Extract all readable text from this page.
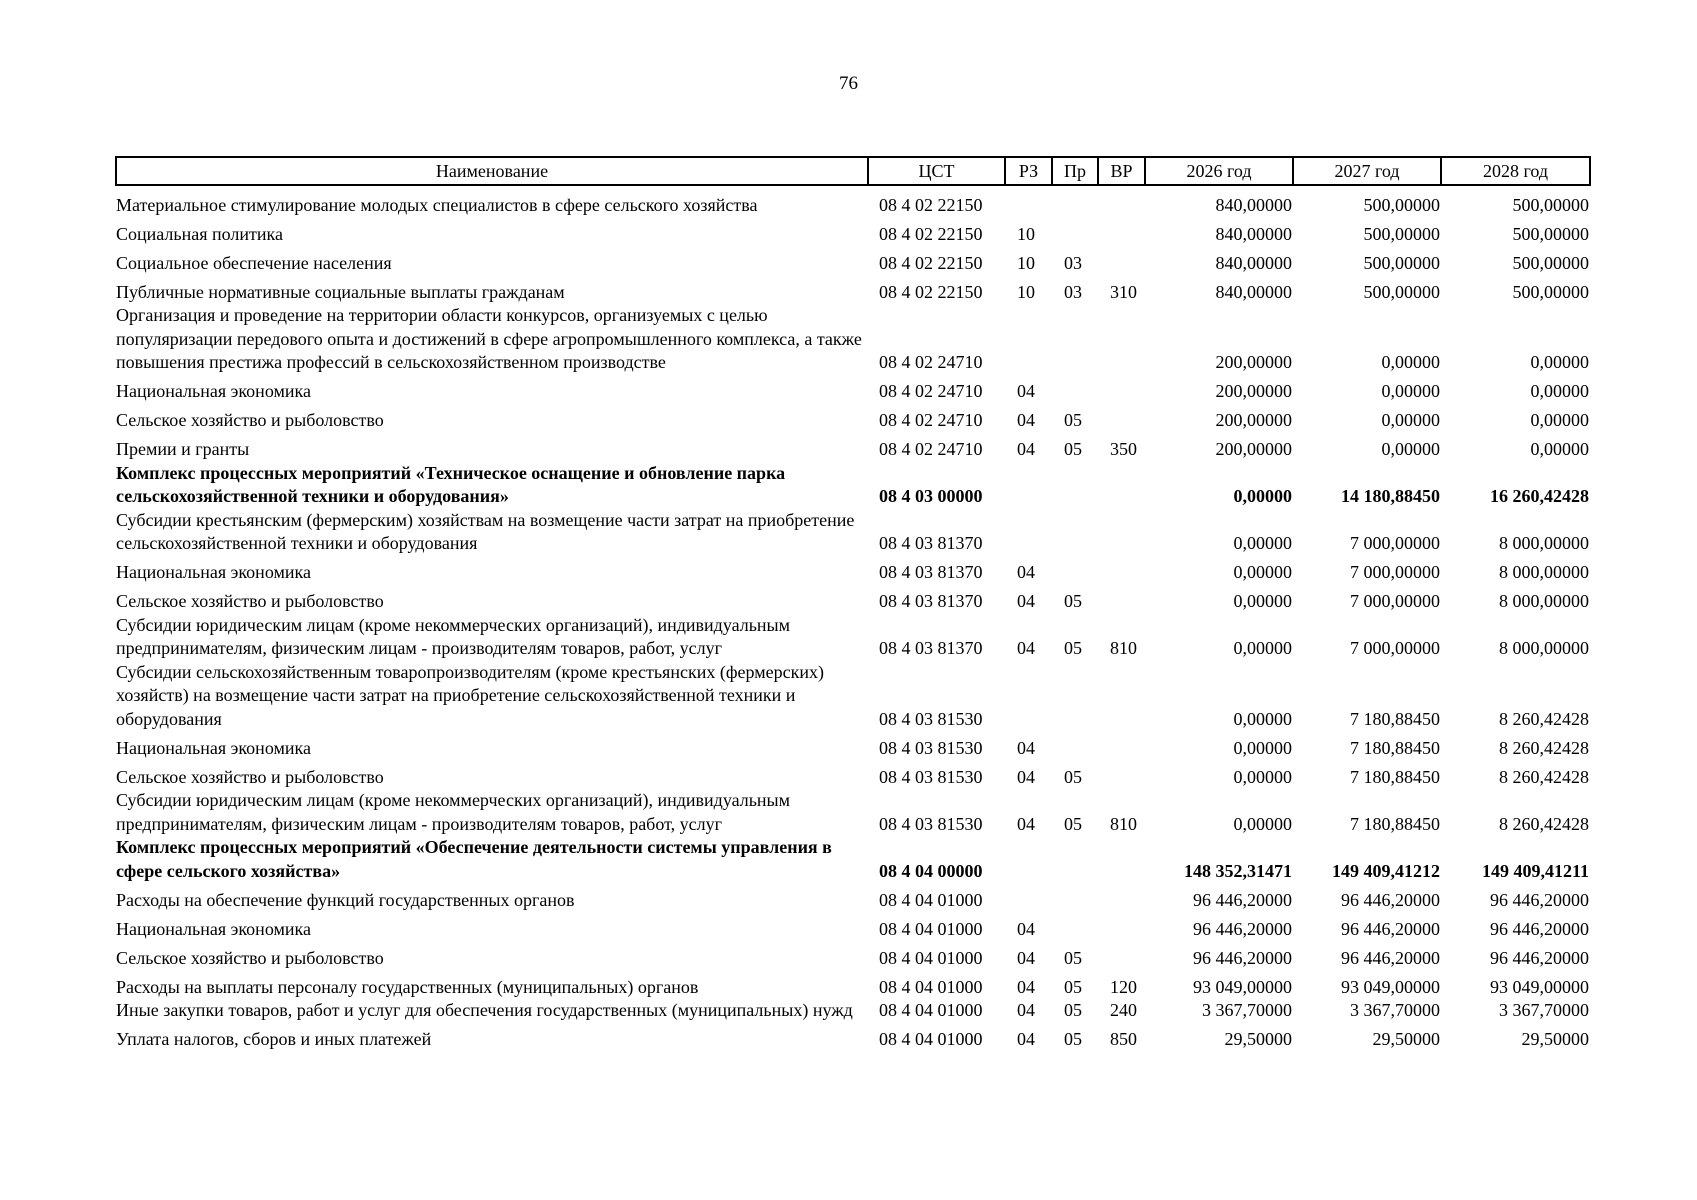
76
Наименование	ЦСТ	РЗ	Пр	ВР	2026 год	2027 год	2028 год
Материальное стимулирование молодых специалистов в сфере сельского хозяйства	08 4 02 22150				840,00000	500,00000	500,00000
Социальная политика	08 4 02 22150	10			840,00000	500,00000	500,00000
Социальное обеспечение населения	08 4 02 22150	10	03		840,00000	500,00000	500,00000
Публичные нормативные социальные выплаты гражданам	08 4 02 22150	10	03	310	840,00000	500,00000	500,00000
Организация и проведение на территории области конкурсов, организуемых с целью популяризации передового опыта и достижений в сфере агропромышленного комплекса, а также повышения престижа профессий в сельскохозяйственном производстве	08 4 02 24710				200,00000	0,00000	0,00000
Национальная экономика	08 4 02 24710	04			200,00000	0,00000	0,00000
Сельское хозяйство и рыболовство	08 4 02 24710	04	05		200,00000	0,00000	0,00000
Премии и гранты	08 4 02 24710	04	05	350	200,00000	0,00000	0,00000
Комплекс процессных мероприятий «Техническое оснащение и обновление парка сельскохозяйственной техники и оборудования»	08 4 03 00000				0,00000	14 180,88450	16 260,42428
Субсидии крестьянским (фермерским) хозяйствам на возмещение части затрат на приобретение сельскохозяйственной техники и оборудования	08 4 03 81370				0,00000	7 000,00000	8 000,00000
Национальная экономика	08 4 03 81370	04			0,00000	7 000,00000	8 000,00000
Сельское хозяйство и рыболовство	08 4 03 81370	04	05		0,00000	7 000,00000	8 000,00000
Субсидии юридическим лицам (кроме некоммерческих организаций), индивидуальным предпринимателям, физическим лицам - производителям товаров, работ, услуг	08 4 03 81370	04	05	810	0,00000	7 000,00000	8 000,00000
Субсидии сельскохозяйственным товаропроизводителям (кроме крестьянских (фермерских) хозяйств) на возмещение части затрат на приобретение сельскохозяйственной техники и оборудования	08 4 03 81530				0,00000	7 180,88450	8 260,42428
Национальная экономика	08 4 03 81530	04			0,00000	7 180,88450	8 260,42428
Сельское хозяйство и рыболовство	08 4 03 81530	04	05		0,00000	7 180,88450	8 260,42428
Субсидии юридическим лицам (кроме некоммерческих организаций), индивидуальным предпринимателям, физическим лицам - производителям товаров, работ, услуг	08 4 03 81530	04	05	810	0,00000	7 180,88450	8 260,42428
Комплекс процессных мероприятий «Обеспечение деятельности системы управления в сфере сельского хозяйства»	08 4 04 00000				148 352,31471	149 409,41212	149 409,41211
Расходы на обеспечение функций государственных органов	08 4 04 01000				96 446,20000	96 446,20000	96 446,20000
Национальная экономика	08 4 04 01000	04			96 446,20000	96 446,20000	96 446,20000
Сельское хозяйство и рыболовство	08 4 04 01000	04	05		96 446,20000	96 446,20000	96 446,20000
Расходы на выплаты персоналу государственных (муниципальных) органов	08 4 04 01000	04	05	120	93 049,00000	93 049,00000	93 049,00000
Иные закупки товаров, работ и услуг для обеспечения государственных (муниципальных) нужд	08 4 04 01000	04	05	240	3 367,70000	3 367,70000	3 367,70000
Уплата налогов, сборов и иных платежей	08 4 04 01000	04	05	850	29,50000	29,50000	29,50000
